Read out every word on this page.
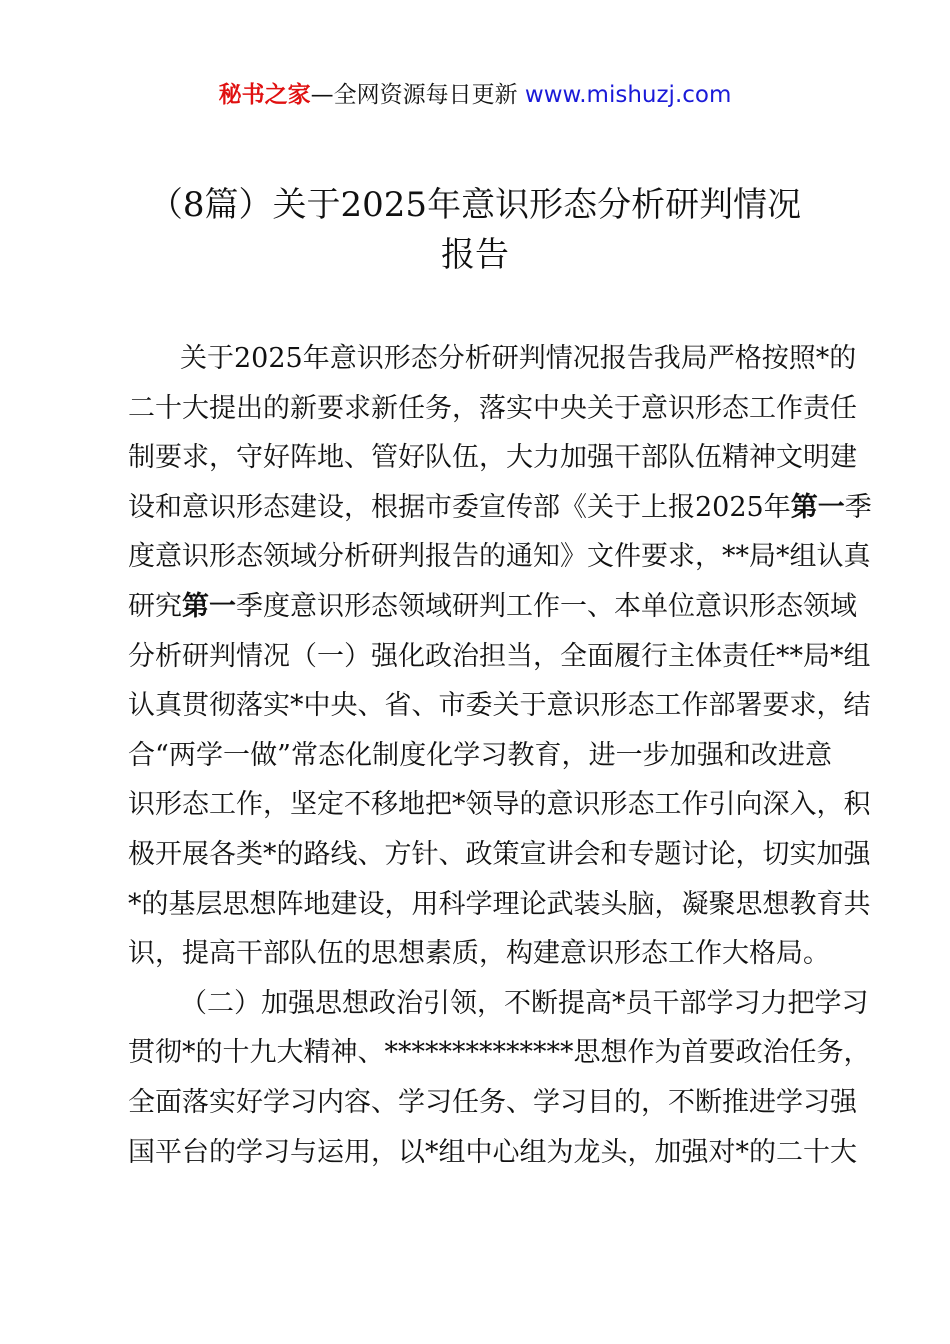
秘书之家—全网资源每日更新 www.mishuzj.com
（8篇）关于2025年意识形态分析研判情况
报告
关于2025年意识形态分析研判情况报告我局严格按照*的
二十大提出的新要求新任务，落实中央关于意识形态工作责任
制要求，守好阵地、管好队伍，大力加强干部队伍精神文明建
设和意识形态建设，根据市委宣传部《关于上报2025年第一季
度意识形态领域分析研判报告的通知》文件要求，**局*组认真
研究第一季度意识形态领域研判工作一、本单位意识形态领域
分析研判情况（一）强化政治担当，全面履行主体责任**局*组
认真贯彻落实*中央、省、市委关于意识形态工作部署要求，结
合“两学一做”常态化制度化学习教育，进一步加强和改进意
识形态工作，坚定不移地把*领导的意识形态工作引向深入，积
极开展各类*的路线、方针、政策宣讲会和专题讨论，切实加强
*的基层思想阵地建设，用科学理论武装头脑，凝聚思想教育共
识，提高干部队伍的思想素质，构建意识形态工作大格局。
（二）加强思想政治引领，不断提高*员干部学习力把学习
贯彻*的十九大精神、**************思想作为首要政治任务，
全面落实好学习内容、学习任务、学习目的，不断推进学习强
国平台的学习与运用，以*组中心组为龙头，加强对*的二十大
